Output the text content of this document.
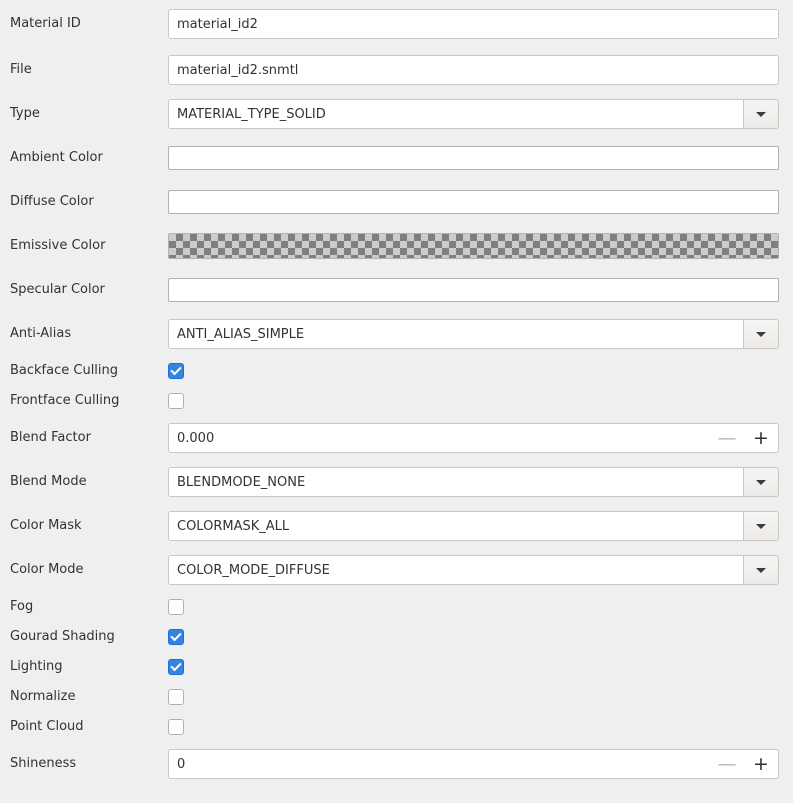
Material ID	material_id2
File	material_id2.snmtl
Type	MATERIAL_TYPE_SOLID
Ambient Color
Diffuse Color
Emissive Color
Specular Color
Anti-Alias	ANTI_ALIAS_SIMPLE
Backface Culling
Frontface Culling
Blend Factor	0.000	— +
Blend Mode	BLENDMODE_NONE
Color Mask	COLORMASK_ALL
Color Mode	COLOR_MODE_DIFFUSE
Fog
Gourad Shading
Lighting
Normalize
Point Cloud
Shineness	0	— +
